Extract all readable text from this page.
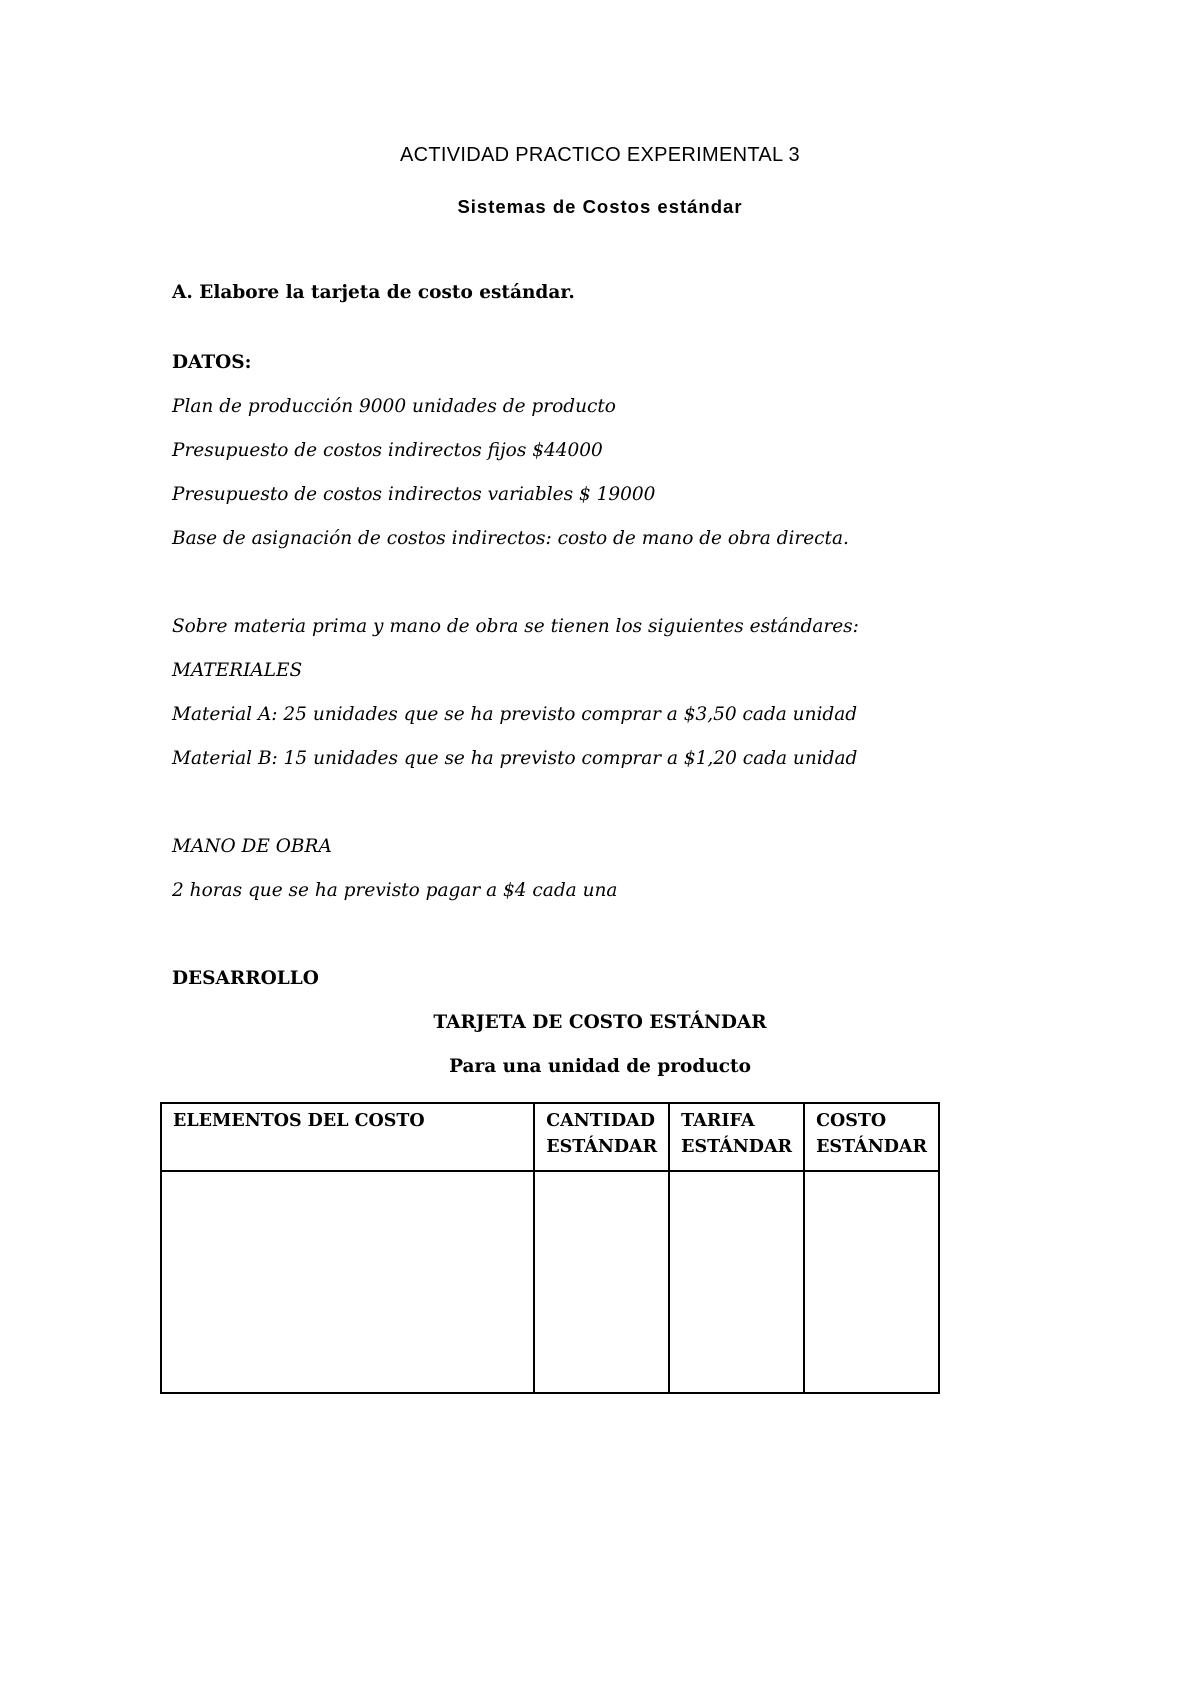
ACTIVIDAD PRACTICO EXPERIMENTAL 3
Sistemas de Costos estándar
A. Elabore la tarjeta de costo estándar.
DATOS:
Plan de producción 9000 unidades de producto
Presupuesto de costos indirectos fijos $44000
Presupuesto de costos indirectos variables $ 19000
Base de asignación de costos indirectos: costo de mano de obra directa.
Sobre materia prima y mano de obra se tienen los siguientes estándares:
MATERIALES
Material A: 25 unidades que se ha previsto comprar a $3,50 cada unidad
Material B: 15 unidades que se ha previsto comprar a $1,20 cada unidad
MANO DE OBRA
2 horas que se ha previsto pagar a $4 cada una
DESARROLLO
TARJETA DE COSTO ESTÁNDAR
Para una unidad de producto
ELEMENTOS DEL COSTO	CANTIDAD ESTÁNDAR	TARIFA ESTÁNDAR	COSTO ESTÁNDAR
